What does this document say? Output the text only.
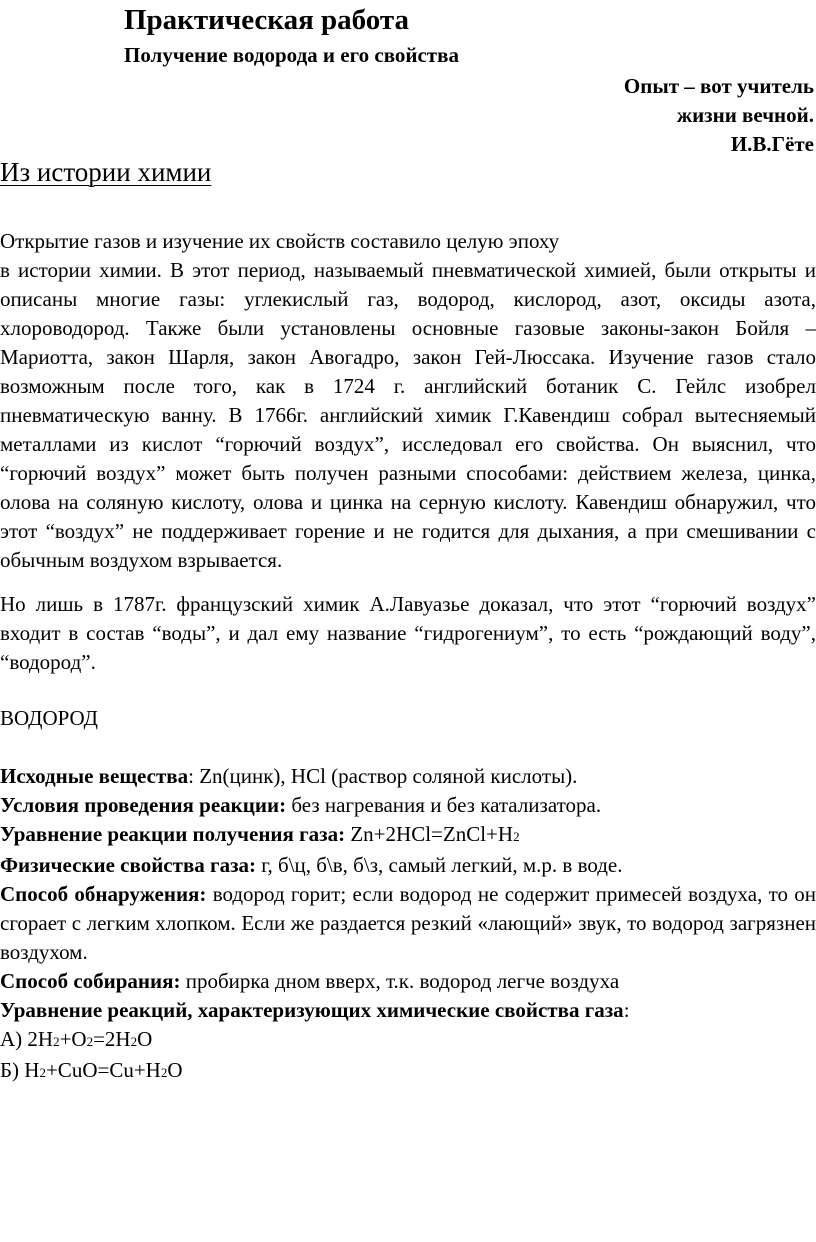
Практическая работа
Получение водорода и его свойства
Опыт – вот учитель
жизни вечной.
И.В.Гёте
Из истории химии
Открытие газов и изучение их свойств составило целую эпоху
в истории химии. В этот период, называемый пневматической химией, были открыты и описаны многие газы: углекислый газ, водород, кислород, азот, оксиды азота, хлороводород. Также были установлены основные газовые законы-закон Бойля – Мариотта, закон Шарля, закон Авогадро, закон Гей-Люссака. Изучение газов стало возможным после того, как в 1724 г. английский ботаник С. Гейлс изобрел пневматическую ванну. В 1766г. английский химик Г.Кавендиш собрал вытесняемый металлами из кислот “горючий воздух”, исследовал его свойства. Он выяснил, что “горючий воздух” может быть получен разными способами: действием железа, цинка, олова на соляную кислоту, олова и цинка на серную кислоту. Кавендиш обнаружил, что этот “воздух” не поддерживает горение и не годится для дыхания, а при смешивании с обычным воздухом взрывается.
Но лишь в 1787г. французский химик А.Лавуазье доказал, что этот “горючий воздух” входит в состав “воды”, и дал ему название “гидрогениум”, то есть “рождающий воду”, “водород”.
ВОДОРОД
Исходные вещества: Zn(цинк), HCl (раствор соляной кислоты).
Условия проведения реакции: без нагревания и без катализатора.
Уравнение реакции получения газа: Zn+2HCl=ZnCl+H2
Физические свойства газа: г, б\ц, б\в, б\з, самый легкий, м.р. в воде.
Способ обнаружения: водород горит; если водород не содержит примесей воздуха, то он сгорает с легким хлопком. Если же раздается резкий «лающий» звук, то водород загрязнен воздухом.
Способ собирания: пробирка дном вверх, т.к. водород легче воздуха
Уравнение реакций, характеризующих химические свойства газа:
А) 2H2+O2=2H2O
Б) H2+CuO=Cu+H2O
